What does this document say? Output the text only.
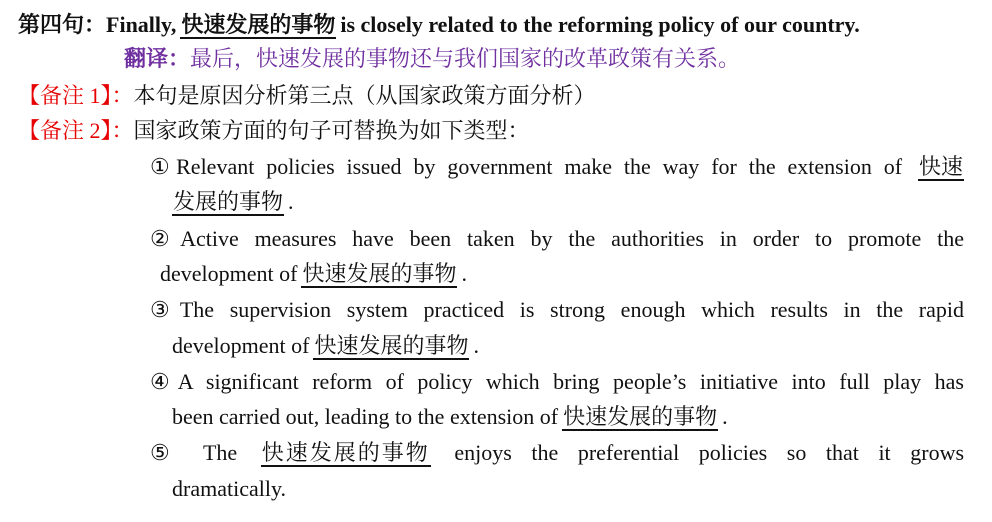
第四句：Finally, 快速发展的事物 is closely related to the reforming policy of our country.
翻译：最后，快速发展的事物还与我们国家的改革政策有关系。
【备注 1】：本句是原因分析第三点（从国家政策方面分析）
【备注 2】：国家政策方面的句子可替换为如下类型：
①Relevant policies issued by government make the way for the extension of 快速
发展的事物 .
②Active measures have been taken by the authorities in order to promote the
development of 快速发展的事物 .
③The supervision system practiced is strong enough which results in the rapid
development of 快速发展的事物 .
④A significant reform of policy which bring people’s initiative into full play has
been carried out, leading to the extension of 快速发展的事物 .
⑤ The 快速发展的事物 enjoys the preferential policies so that it grows
dramatically.
